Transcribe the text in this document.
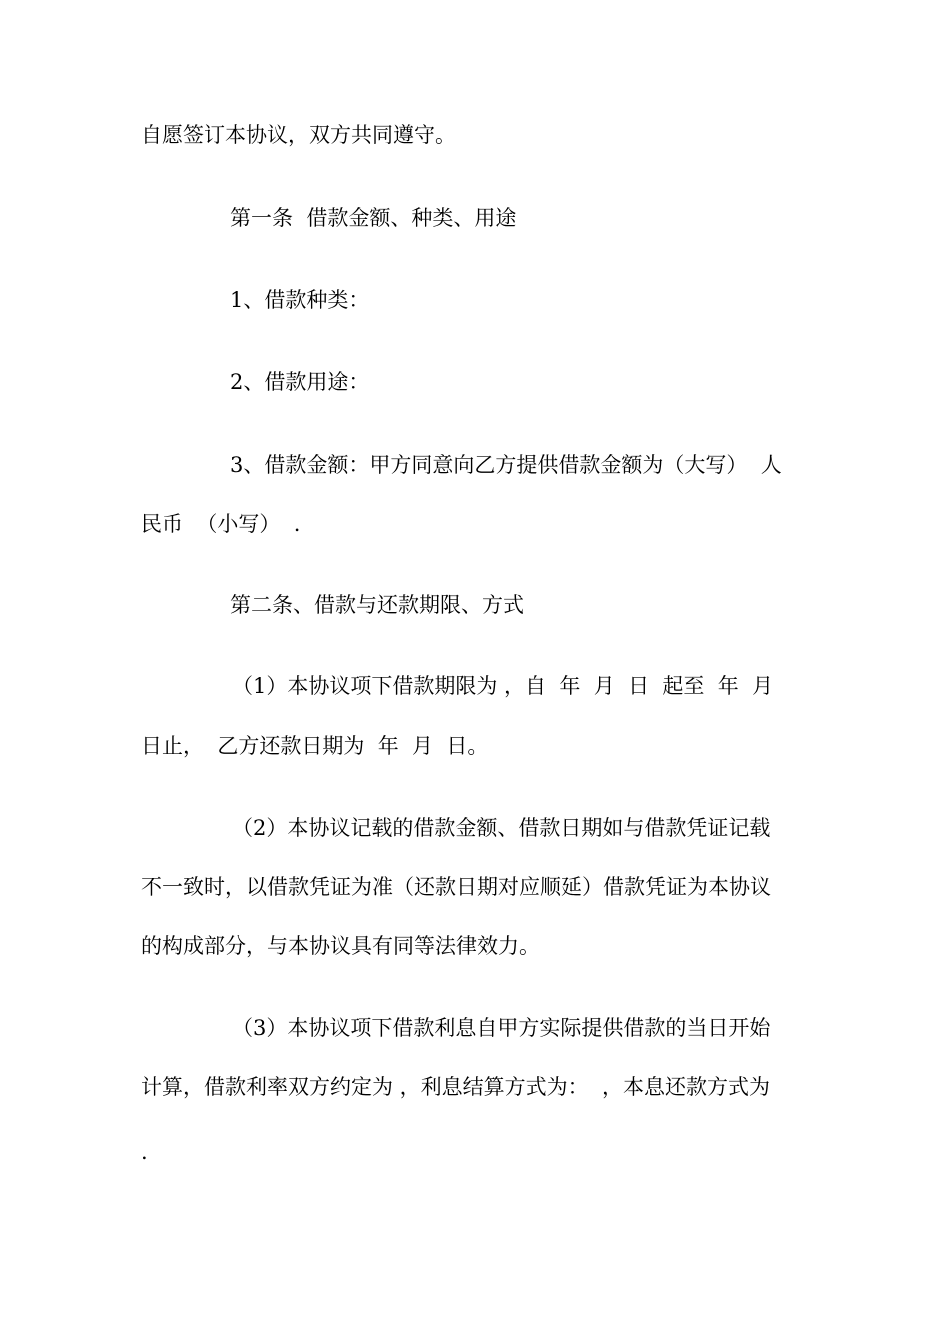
自愿签订本协议，双方共同遵守。

第一条  借款金额、种类、用途

1、借款种类：

2、借款用途：

3、借款金额：甲方同意向乙方提供借款金额为（大写）  人

民币  （小写）  .

第二条、借款与还款期限、方式

（1）本协议项下借款期限为 ，自  年  月  日  起至  年  月

日止，  乙方还款日期为  年  月  日。

（2）本协议记载的借款金额、借款日期如与借款凭证记载

不一致时，以借款凭证为准（还款日期对应顺延）借款凭证为本协议

的构成部分，与本协议具有同等法律效力。

（3）本协议项下借款利息自甲方实际提供借款的当日开始

计算，借款利率双方约定为 ，利息结算方式为：  ，本息还款方式为

.
